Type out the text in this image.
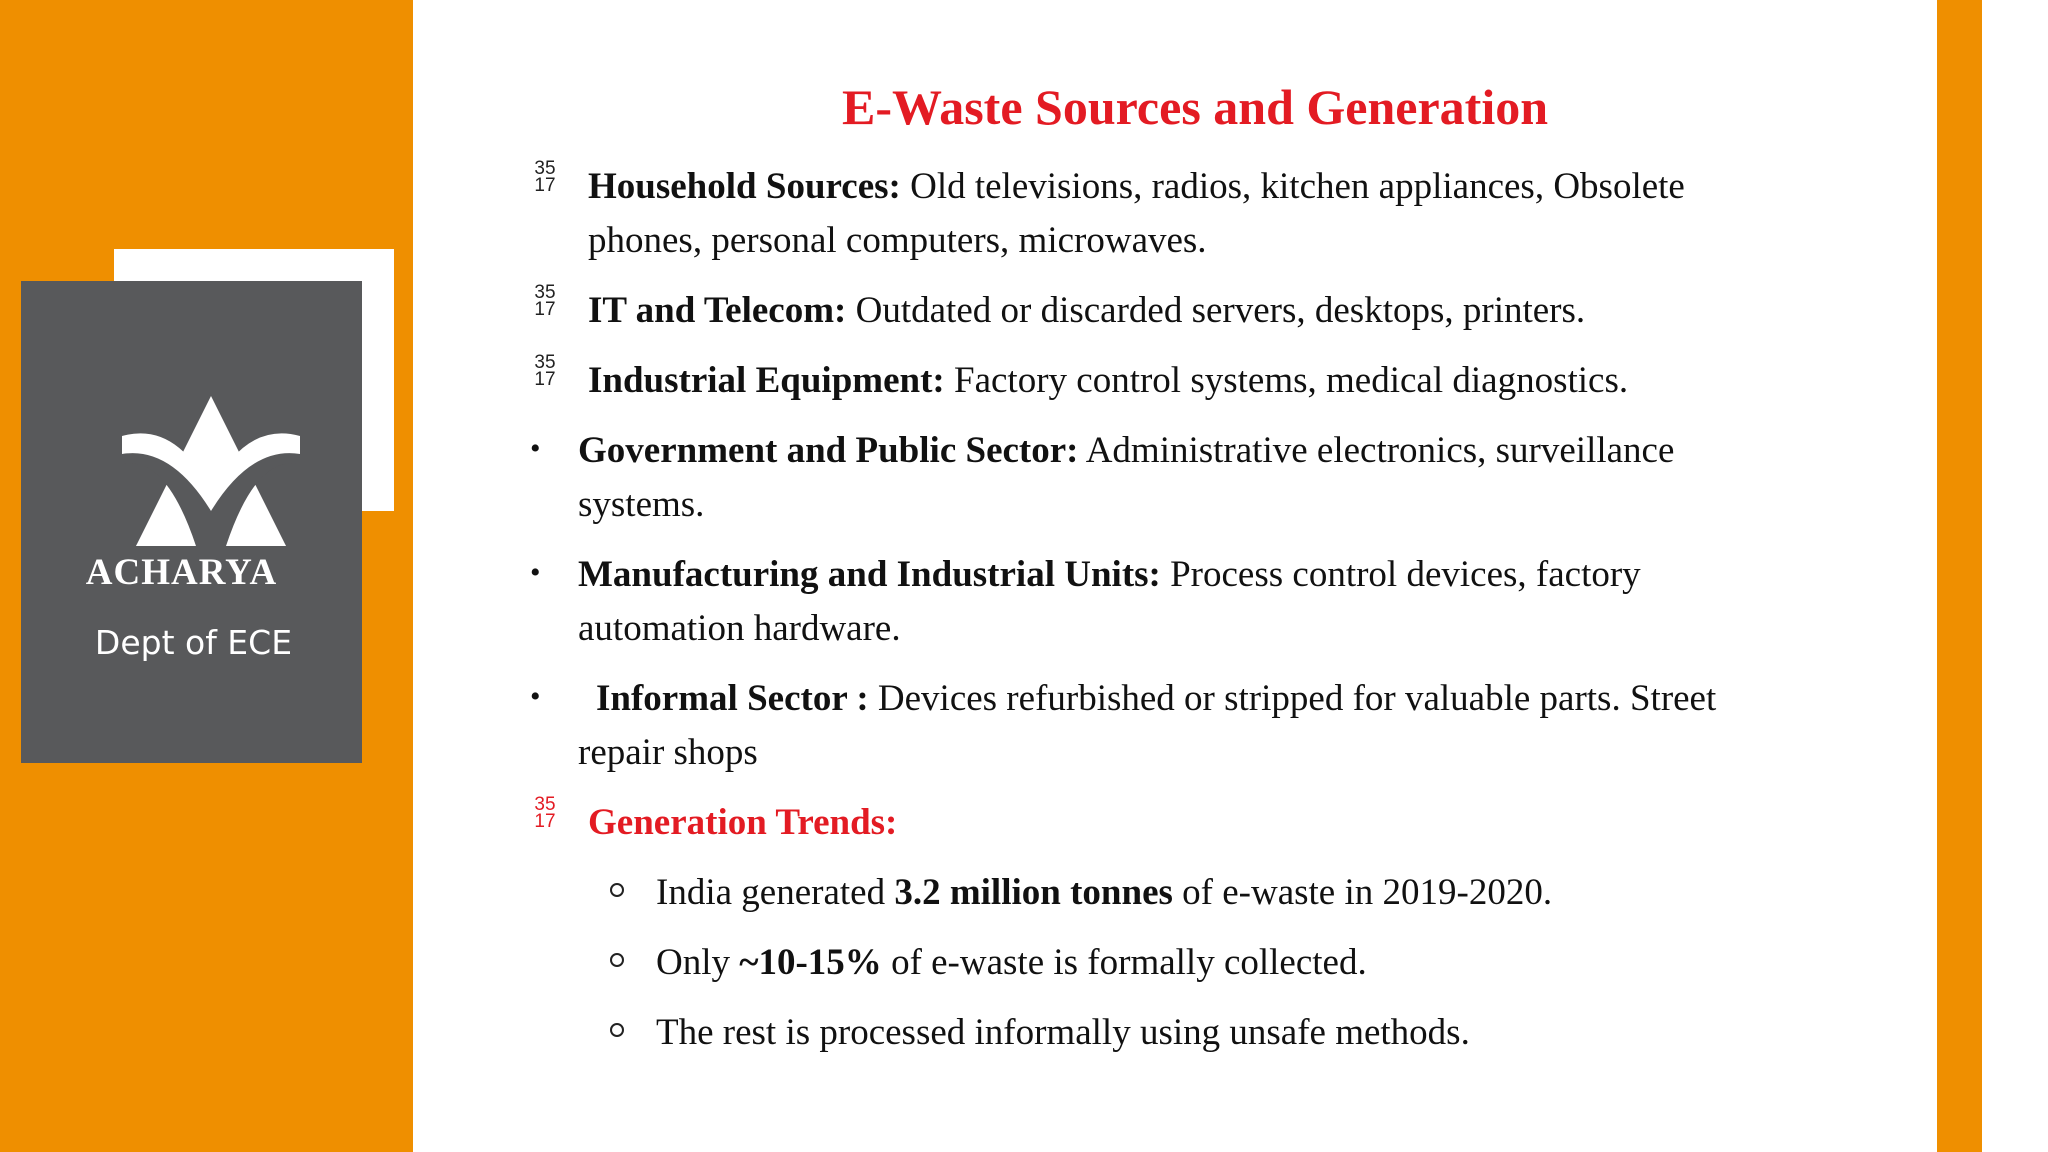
ACHARYA
Dept of ECE
E-Waste Sources and Generation
35
17 Household Sources: Old televisions, radios, kitchen appliances, Obsolete phones, personal computers, microwaves.
35
17 IT and Telecom: Outdated or discarded servers, desktops, printers.
35
17 Industrial Equipment: Factory control systems, medical diagnostics.
•	Government and Public Sector: Administrative electronics, surveillance systems.
•	Manufacturing and Industrial Units: Process control devices, factory automation hardware.
•	Informal Sector : Devices refurbished or stripped for valuable parts. Street repair shops
35
17 Generation Trends:
India generated 3.2 million tonnes of e-waste in 2019-2020.
Only ~10-15% of e-waste is formally collected.
The rest is processed informally using unsafe methods.
